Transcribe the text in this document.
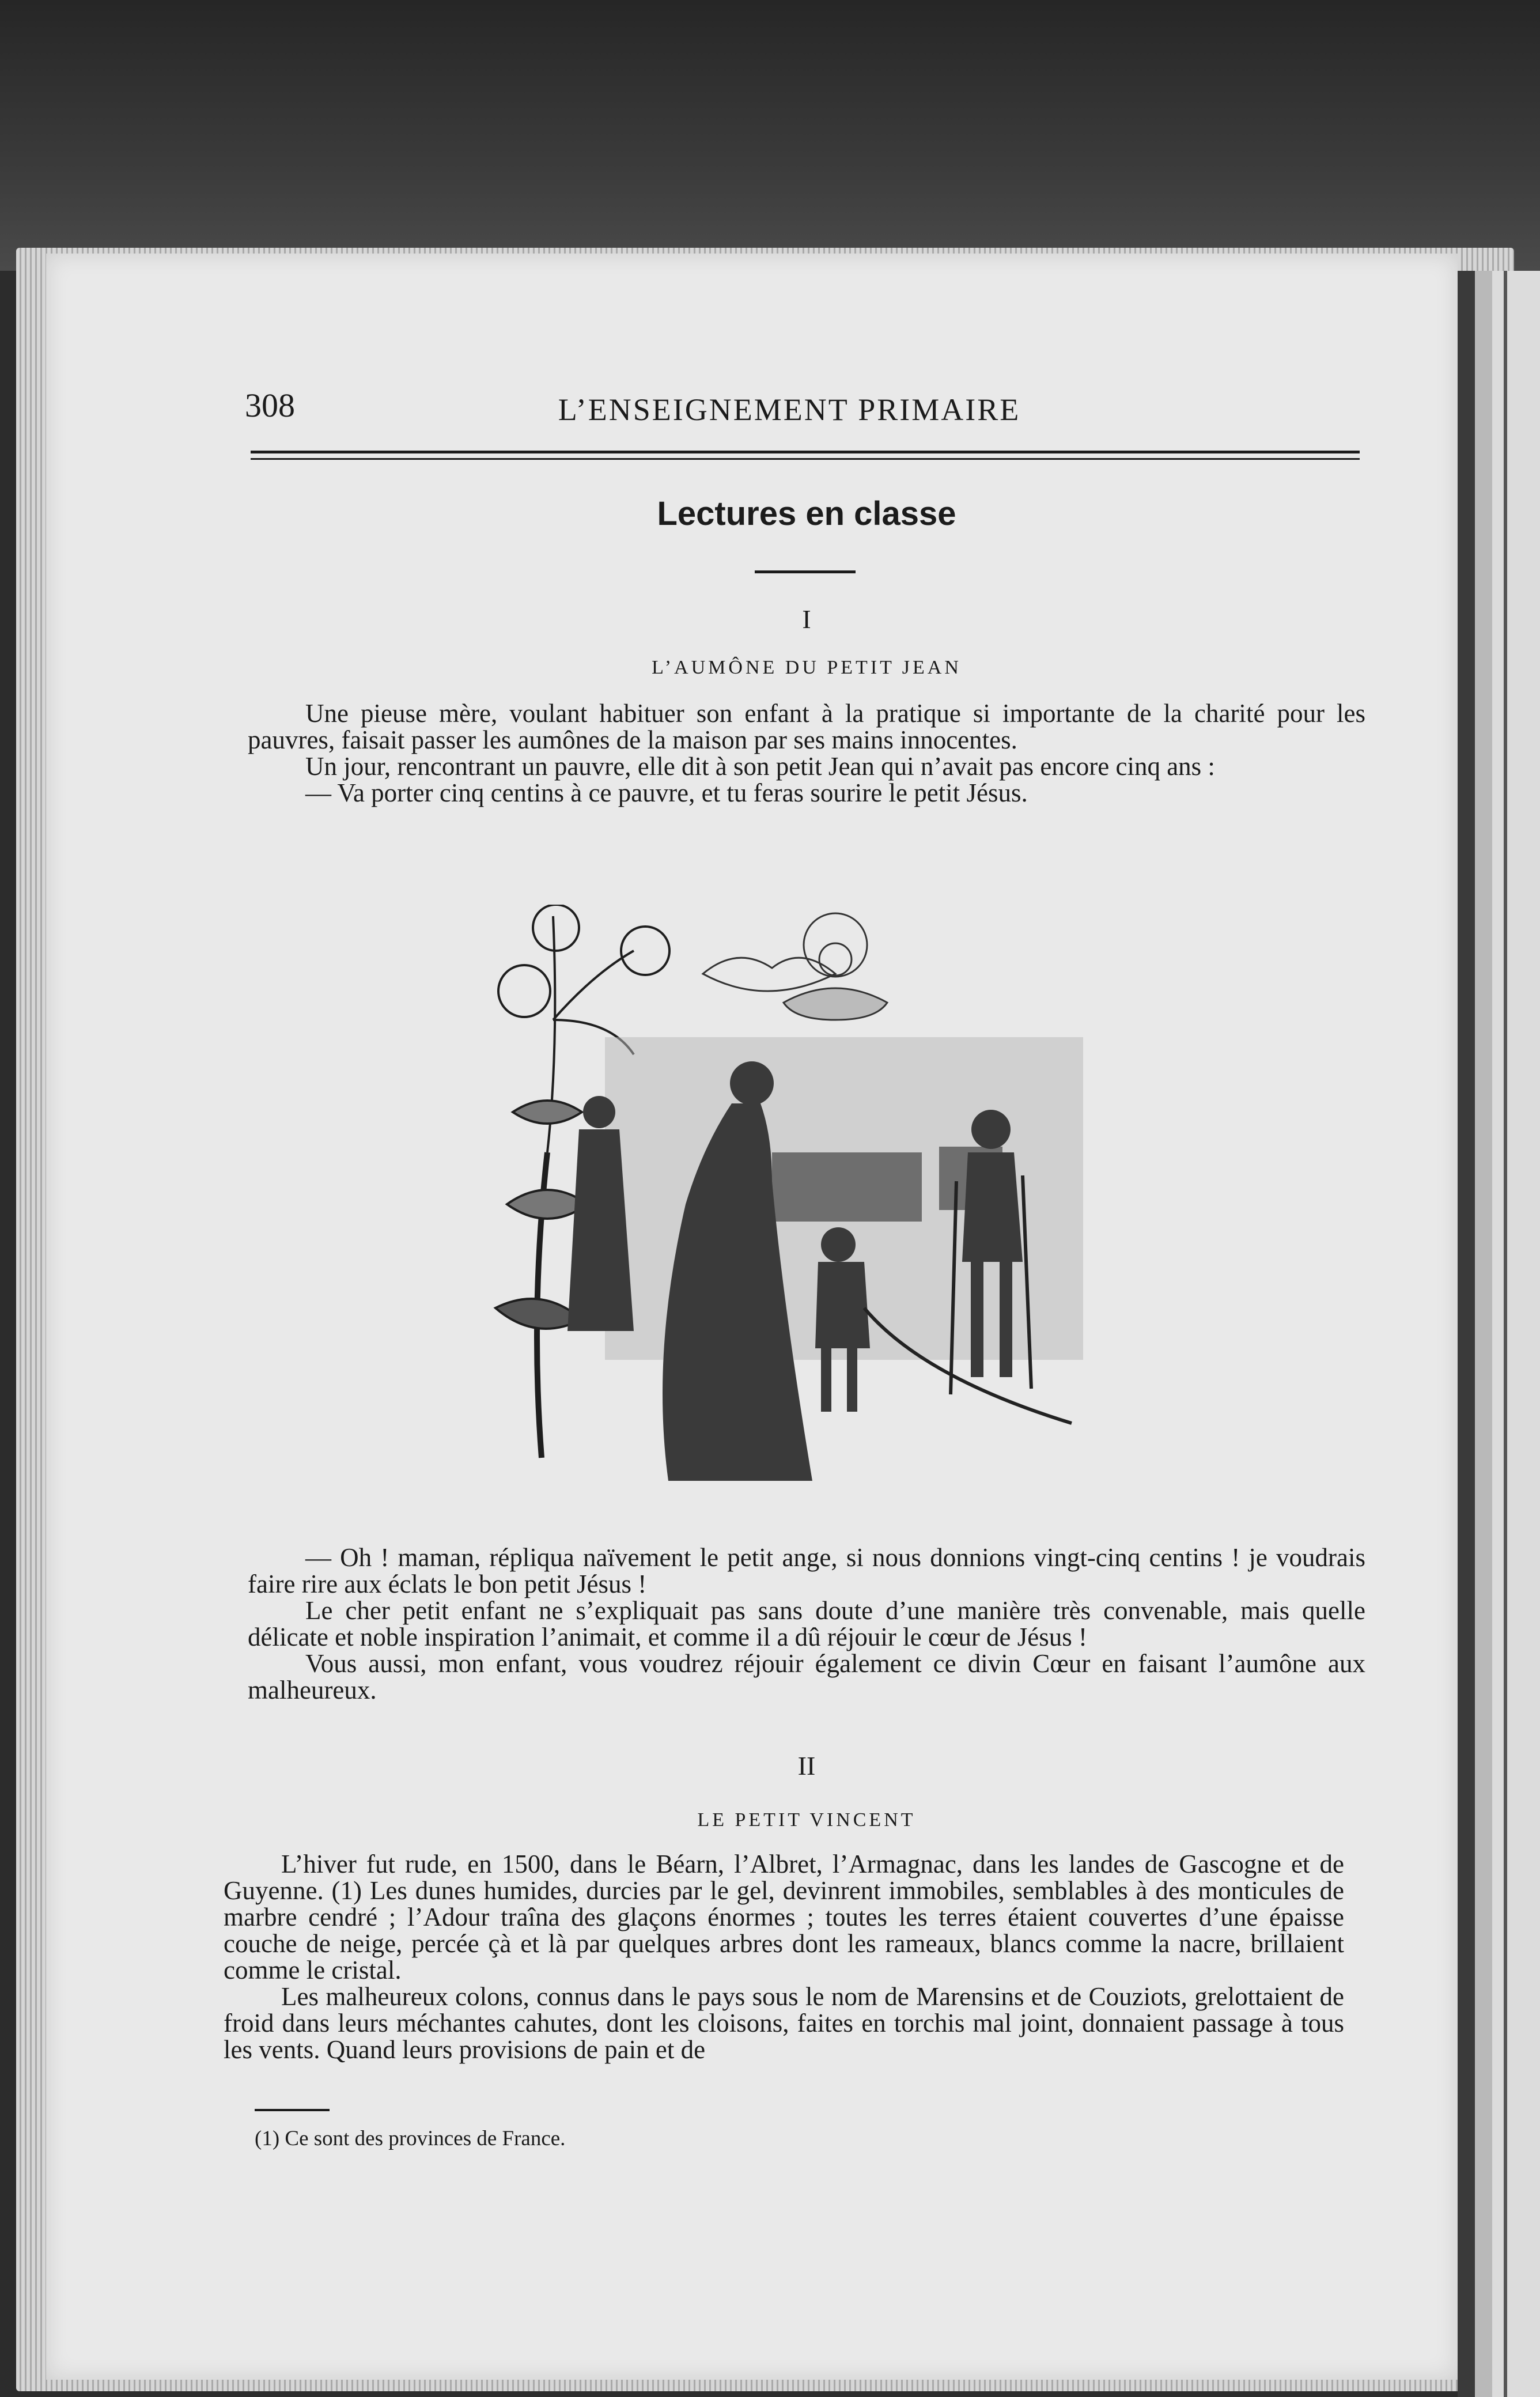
308	L’ENSEIGNEMENT PRIMAIRE
Lectures en classe
I
L’AUMÔNE DU PETIT JEAN

Une pieuse mère, voulant habituer son enfant à la pratique si importante de la charité pour les pauvres, faisait passer les aumônes de la maison par ses mains innocentes.

Un jour, rencontrant un pauvre, elle dit à son petit Jean qui n’avait pas encore cinq ans :

— Va porter cinq centins à ce pauvre, et tu feras sourire le petit Jésus.

— Oh ! maman, répliqua naïvement le petit ange, si nous donnions vingt-cinq centins ! je voudrais faire rire aux éclats le bon petit Jésus !

Le cher petit enfant ne s’expliquait pas sans doute d’une manière très convenable, mais quelle délicate et noble inspiration l’animait, et comme il a dû réjouir le cœur de Jésus !

Vous aussi, mon enfant, vous voudrez réjouir également ce divin Cœur en faisant l’aumône aux malheureux.

II
LE PETIT VINCENT

L’hiver fut rude, en 1500, dans le Béarn, l’Albret, l’Armagnac, dans les landes de Gascogne et de Guyenne. (1) Les dunes humides, durcies par le gel, devinrent immobiles, semblables à des monticules de marbre cendré ; l’Adour traîna des glaçons énormes ; toutes les terres étaient couvertes d’une épaisse couche de neige, percée çà et là par quelques arbres dont les rameaux, blancs comme la nacre, brillaient comme le cristal.

Les malheureux colons, connus dans le pays sous le nom de Marensins et de Couziots, grelottaient de froid dans leurs méchantes cahutes, dont les cloisons, faites en torchis mal joint, donnaient passage à tous les vents. Quand leurs provisions de pain et de

(1) Ce sont des provinces de France.
